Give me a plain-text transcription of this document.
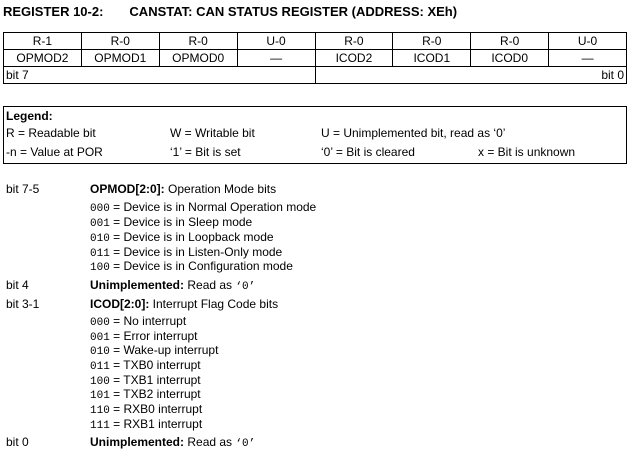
REGISTER 10-2: CANSTAT: CAN STATUS REGISTER (ADDRESS: XEh)
R-1	R-0	R-0	U-0	R-0	R-0	R-0	U-0
OPMOD2	OPMOD1	OPMOD0	—	ICOD2	ICOD1	ICOD0	—
bit 7				bit 0			
Legend:
R = Readable bit	W = Writable bit	U = Unimplemented bit, read as ‘0’
-n = Value at POR	‘1’ = Bit is set	‘0’ = Bit is cleared	x = Bit is unknown
bit 7-5	OPMOD[2:0]: Operation Mode bits
000 = Device is in Normal Operation mode
001 = Device is in Sleep mode
010 = Device is in Loopback mode
011 = Device is in Listen-Only mode
100 = Device is in Configuration mode
bit 4	Unimplemented: Read as ‘0’
bit 3-1	ICOD[2:0]: Interrupt Flag Code bits
000 = No interrupt
001 = Error interrupt
010 = Wake-up interrupt
011 = TXB0 interrupt
100 = TXB1 interrupt
101 = TXB2 interrupt
110 = RXB0 interrupt
111 = RXB1 interrupt
bit 0	Unimplemented: Read as ‘0’
